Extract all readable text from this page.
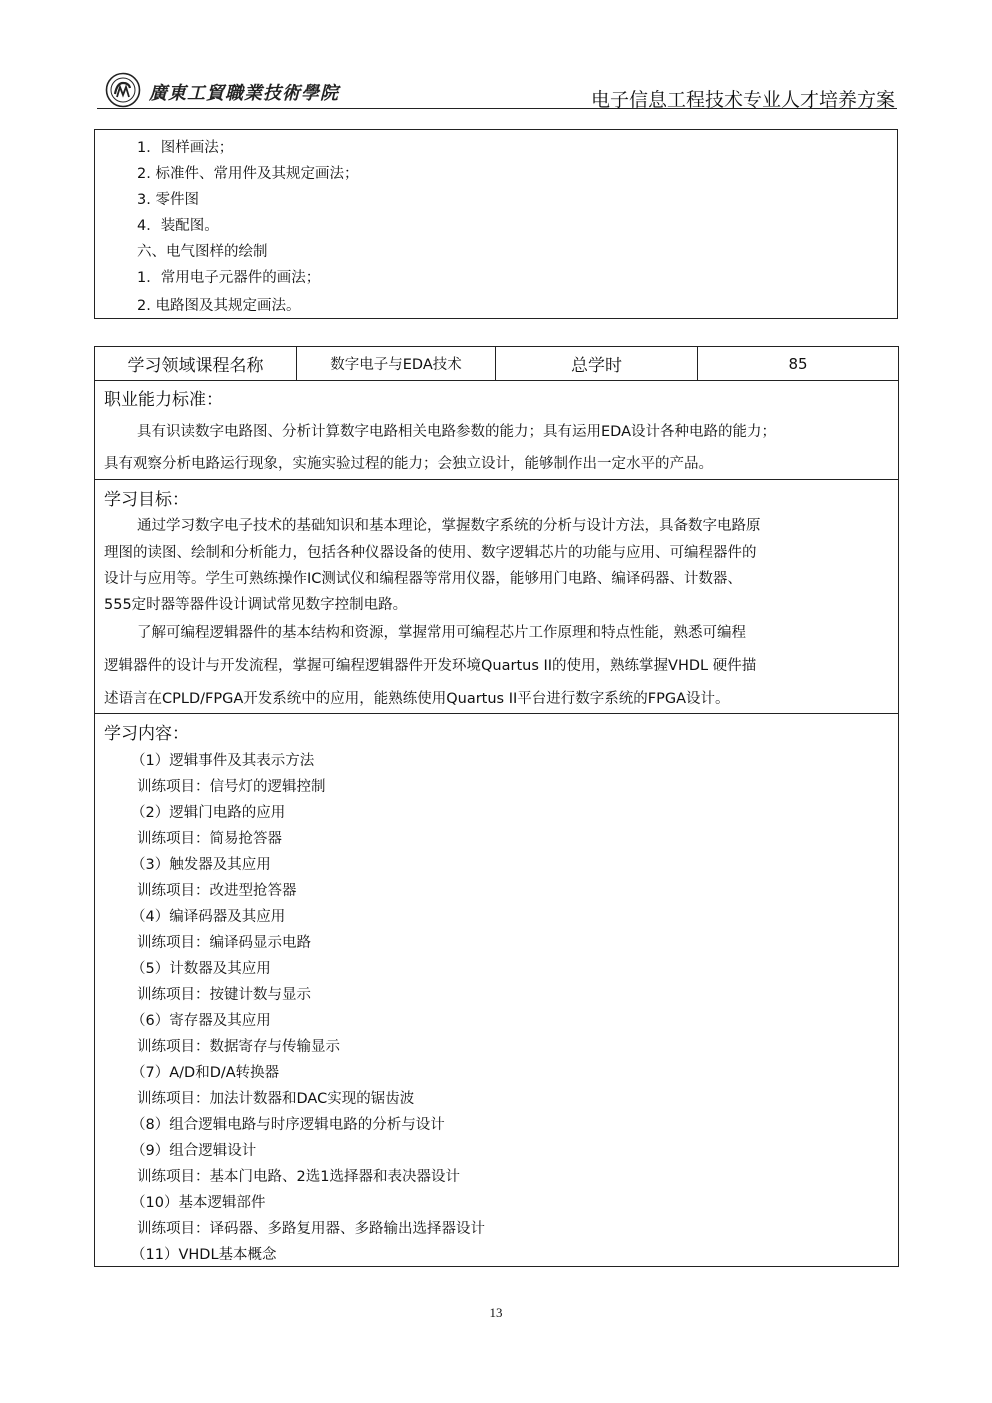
廣東工貿職業技術學院	电子信息工程技术专业人才培养方案
1．图样画法；
2. 标准件、常用件及其规定画法；
3. 零件图
4．装配图。
六、电气图样的绘制
1．常用电子元器件的画法；
2. 电路图及其规定画法。
学习领域课程名称	数字电子与EDA技术	总学时	85
职业能力标准：
具有识读数字电路图、分析计算数字电路相关电路参数的能力；具有运用EDA设计各种电路的能力；
具有观察分析电路运行现象，实施实验过程的能力；会独立设计，能够制作出一定水平的产品。
学习目标：
通过学习数字电子技术的基础知识和基本理论，掌握数字系统的分析与设计方法，具备数字电路原
理图的读图、绘制和分析能力，包括各种仪器设备的使用、数字逻辑芯片的功能与应用、可编程器件的
设计与应用等。学生可熟练操作IC测试仪和编程器等常用仪器，能够用门电路、编译码器、计数器、
555定时器等器件设计调试常见数字控制电路。
了解可编程逻辑器件的基本结构和资源，掌握常用可编程芯片工作原理和特点性能，熟悉可编程
逻辑器件的设计与开发流程，掌握可编程逻辑器件开发环境Quartus II的使用，熟练掌握VHDL 硬件描
述语言在CPLD/FPGA开发系统中的应用，能熟练使用Quartus II平台进行数字系统的FPGA设计。
学习内容：
（1）逻辑事件及其表示方法
训练项目：信号灯的逻辑控制
（2）逻辑门电路的应用
训练项目：简易抢答器
（3）触发器及其应用
训练项目：改进型抢答器
（4）编译码器及其应用
训练项目：编译码显示电路
（5）计数器及其应用
训练项目：按键计数与显示
（6）寄存器及其应用
训练项目：数据寄存与传输显示
（7）A/D和D/A转换器
训练项目：加法计数器和DAC实现的锯齿波
（8）组合逻辑电路与时序逻辑电路的分析与设计
（9）组合逻辑设计
训练项目：基本门电路、2选1选择器和表决器设计
（10）基本逻辑部件
训练项目：译码器、多路复用器、多路输出选择器设计
（11）VHDL基本概念
13
